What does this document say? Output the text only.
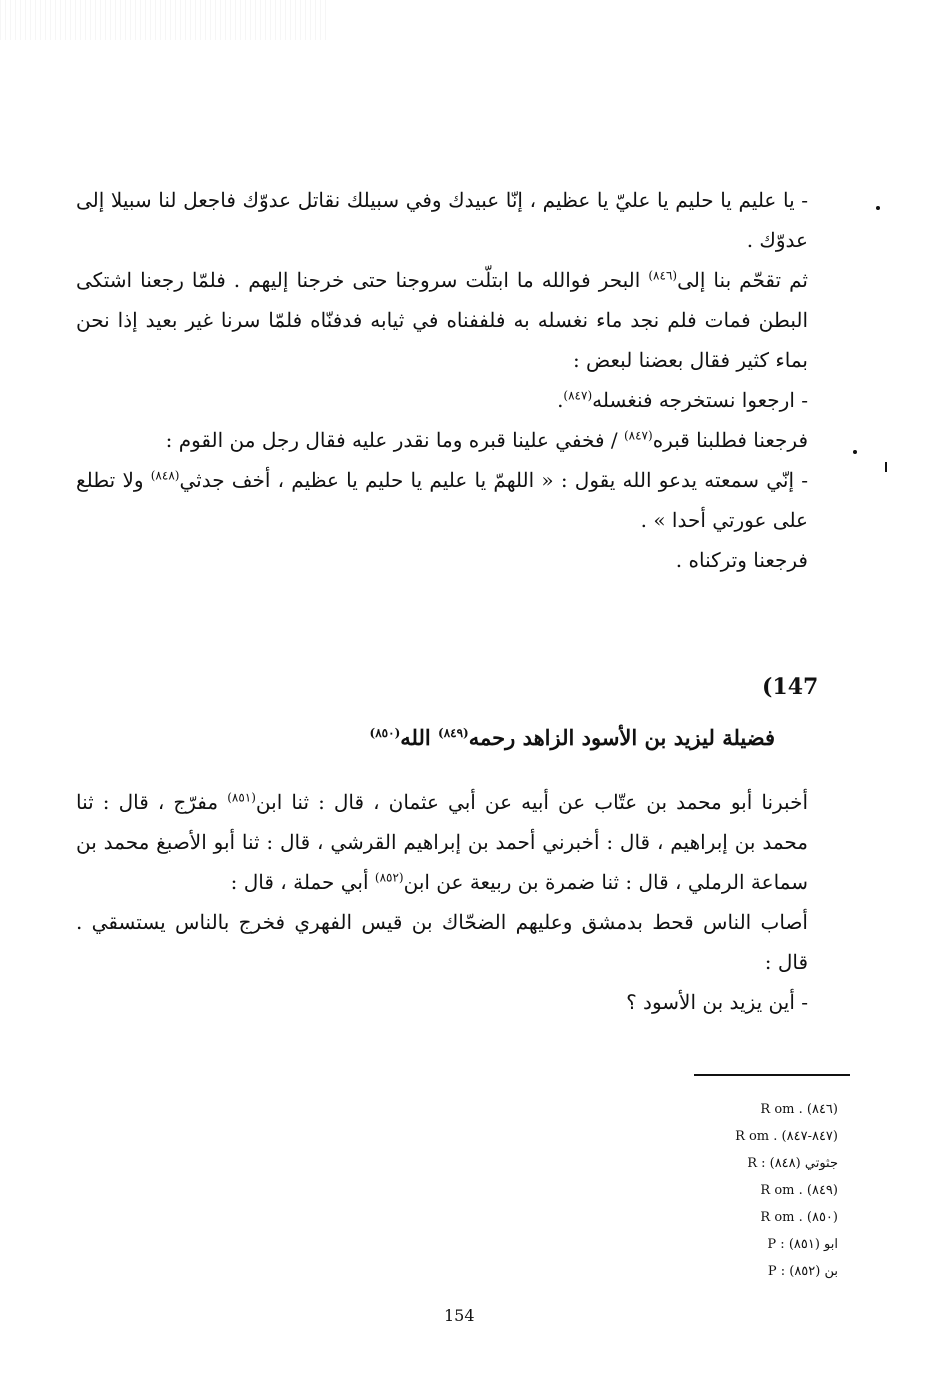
- يا عليم يا حليم يا عليّ يا عظيم ، إنّا عبيدك وفي سبيلك نقاتل عدوّك فاجعل لنا سبيلا إلى عدوّك .

ثم تقحّم بنا إلى$^{(٨٤٦)}$ البحر فوالله ما ابتلّت سروجنا حتى خرجنا إليهم . فلمّا رجعنا اشتكى البطن فمات فلم نجد ماء نغسله به فلففناه في ثيابه فدفنّاه فلمّا سرنا غير بعيد إذا نحن بماء كثير فقال بعضنا لبعض :

- ارجعوا نستخرجه فنغسله$^{(٨٤٧)}$.

فرجعنا فطلبنا قبره$^{(٨٤٧)}$ / فخفي علينا قبره وما نقدر عليه فقال رجل من القوم :

- إنّي سمعته يدعو الله يقول : « اللهمّ يا عليم يا حليم يا عظيم ، أخف جدثي$^{(٨٤٨)}$ ولا تطلع على عورتي أحدا » .

فرجعنا وتركناه .

(147
فضيلة ليزيد بن الأسود الزاهد رحمه$^{(٨٤٩)}$ الله$^{(٨٥٠)}$

أخبرنا أبو محمد بن عتّاب عن أبيه عن أبي عثمان ، قال : ثنا ابن$^{(٨٥١)}$ مفرّج ، قال : ثنا محمد بن إبراهيم ، قال : أخبرني أحمد بن إبراهيم القرشي ، قال : ثنا أبو الأصبغ محمد بن سماعة الرملي ، قال : ثنا ضمرة بن ربيعة عن ابن$^{(٨٥٢)}$ أبي حملة ، قال :

أصاب الناس قحط بدمشق وعليهم الضحّاك بن قيس الفهري فخرج بالناس يستسقي . قال :

- أين يزيد بن الأسود ؟

R om . (٨٤٦)
R om . (٨٤٧-٨٤٧)
R : جثوتي (٨٤٨)
R om . (٨٤٩)
R om . (٨٥٠)
P : ابو (٨٥١)
P : بن (٨٥٢)
154
